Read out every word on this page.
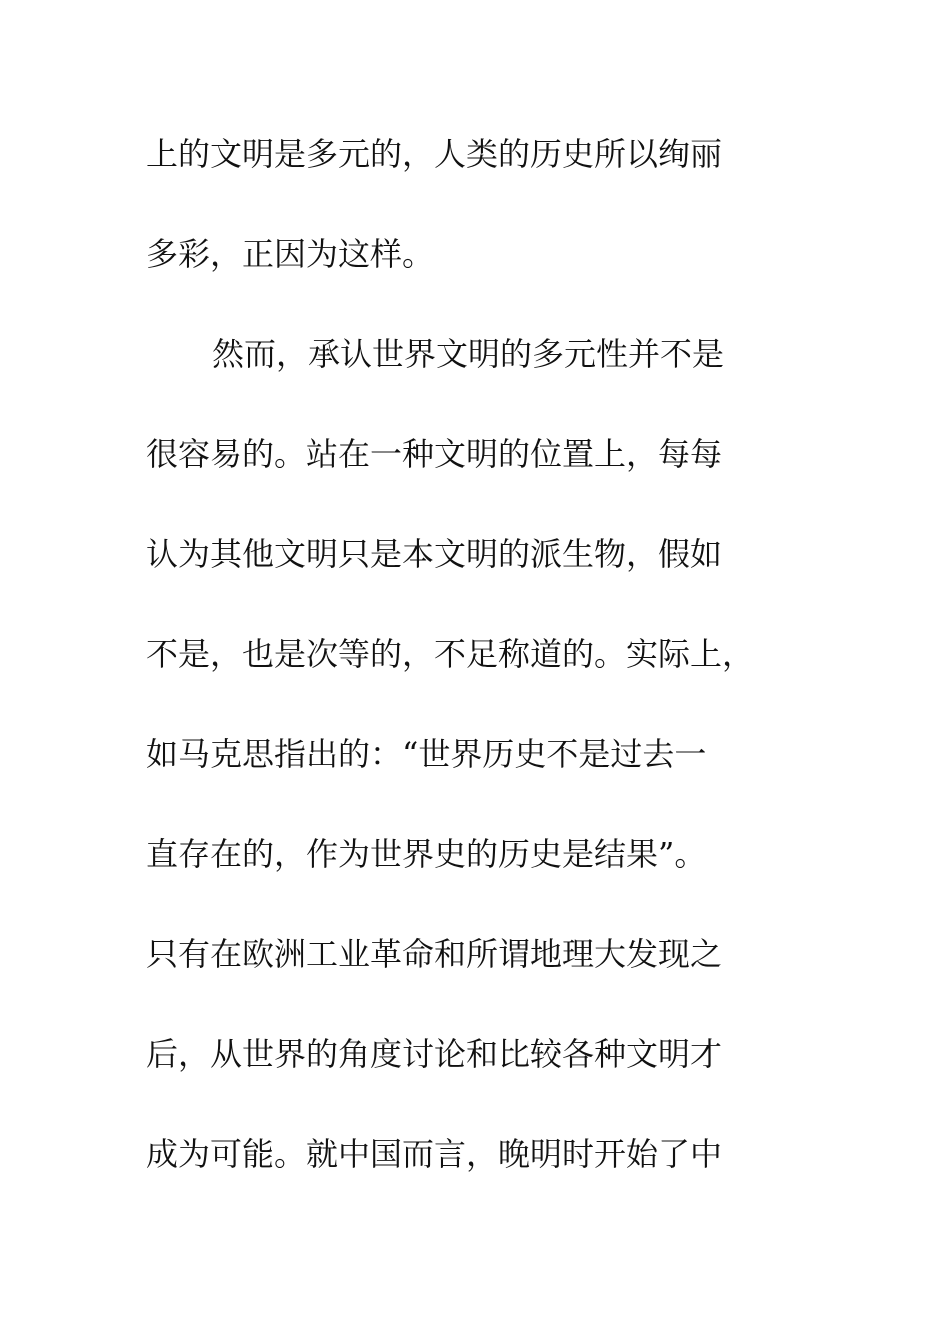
上的文明是多元的，人类的历史所以绚丽
多彩，正因为这样。
然而，承认世界文明的多元性并不是
很容易的。站在一种文明的位置上，每每
认为其他文明只是本文明的派生物，假如
不是，也是次等的，不足称道的。实际上，
如马克思指出的：“世界历史不是过去一
直存在的，作为世界史的历史是结果”。
只有在欧洲工业革命和所谓地理大发现之
后，从世界的角度讨论和比较各种文明才
成为可能。就中国而言，晚明时开始了中
